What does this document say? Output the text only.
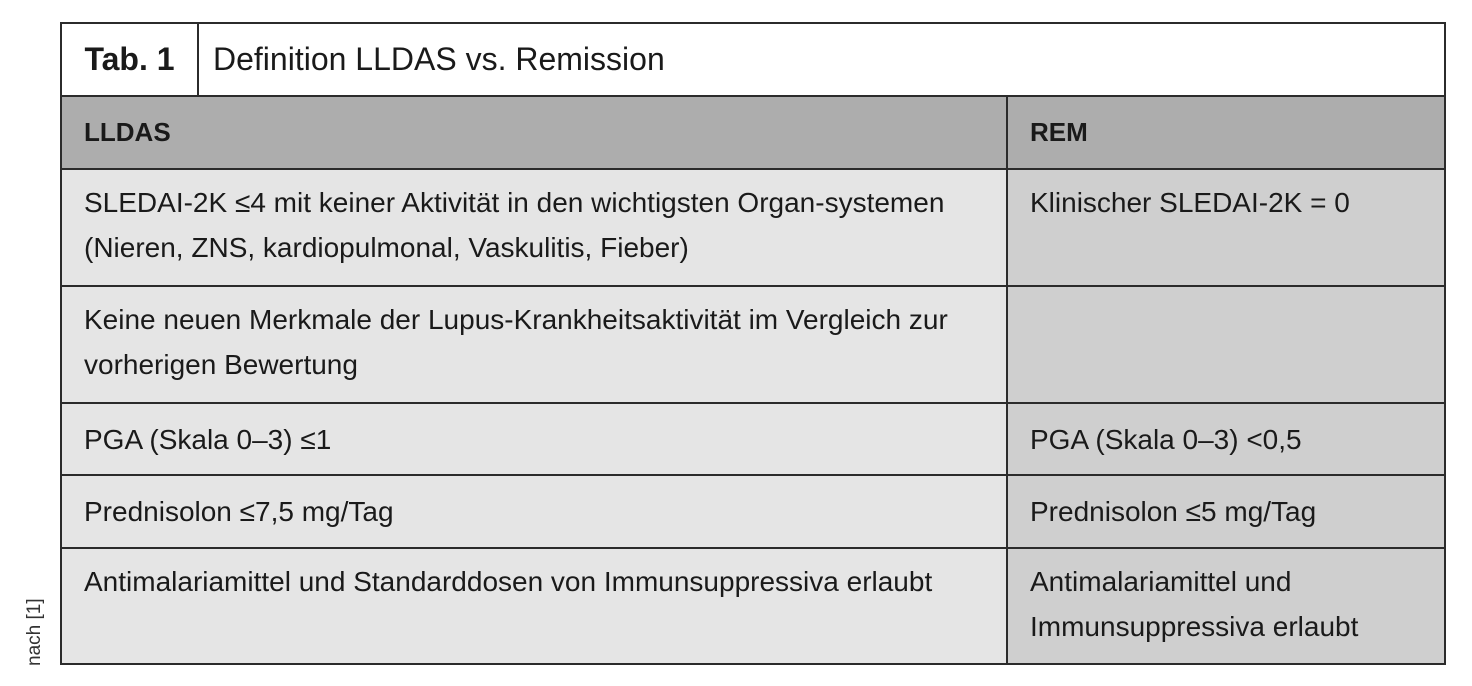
nach [1]
Tab. 1	Definition LLDAS vs. Remission
LLDAS	REM
SLEDAI-2K ≤4 mit keiner Aktivität in den wichtigsten Organ-systemen (Nieren, ZNS, kardiopulmonal, Vaskulitis, Fieber)	Klinischer SLEDAI-2K = 0
Keine neuen Merkmale der Lupus-Krankheitsaktivität im Vergleich zur vorherigen Bewertung	
PGA (Skala 0–3) ≤1	PGA (Skala 0–3) <0,5
Prednisolon ≤7,5 mg/Tag	Prednisolon ≤5 mg/Tag
Antimalariamittel und Standarddosen von Immunsuppressiva erlaubt	Antimalariamittel und Immunsuppressiva erlaubt
